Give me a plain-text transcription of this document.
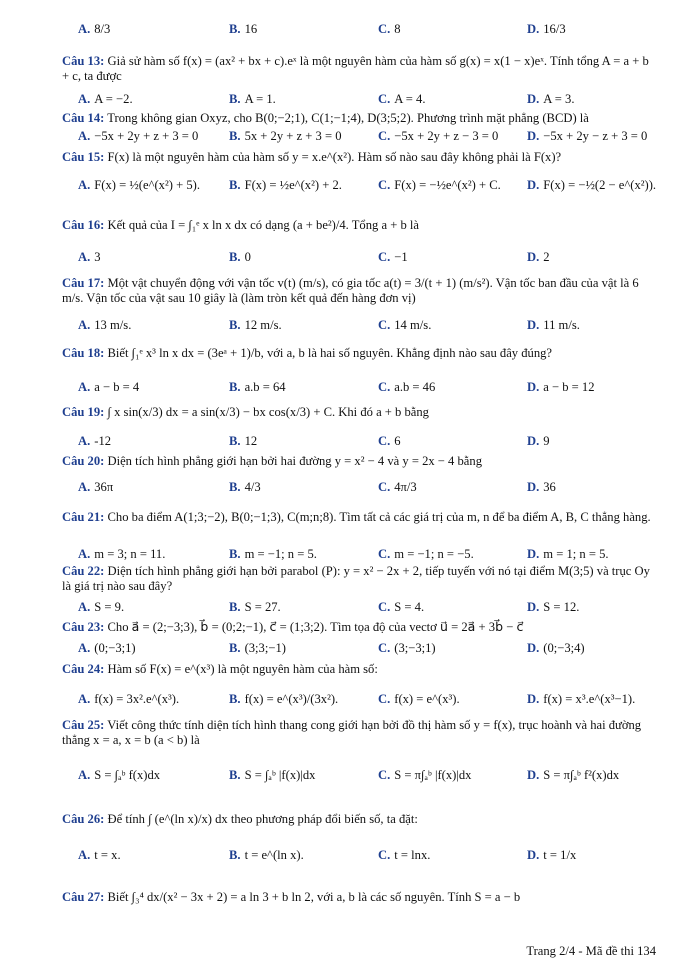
A. 8/3	B. 16	C. 8	D. 16/3
Câu 13: Giả sử hàm số f(x) = (ax² + bx + c).eˣ là một nguyên hàm của hàm số g(x) = x(1 − x)eˣ. Tính tổng A = a + b + c, ta được
A. A = −2.	B. A = 1.	C. A = 4.	D. A = 3.
Câu 14: Trong không gian Oxyz, cho B(0;−2;1), C(1;−1;4), D(3;5;2). Phương trình mặt phẳng (BCD) là
A. −5x + 2y + z + 3 = 0 B. 5x + 2y + z + 3 = 0	C. −5x + 2y + z − 3 = 0 D. −5x + 2y − z + 3 = 0
Câu 15: F(x) là một nguyên hàm của hàm số y = x.e^(x²). Hàm số nào sau đây không phải là F(x)?
A. F(x) = ½(e^(x²) + 5). B. F(x) = ½e^(x²) + 2.	C. F(x) = −½e^(x²) + C. D. F(x) = −½(2 − e^(x²)).
Câu 16: Kết quả của I = ∫₁ᵉ x ln x dx có dạng (a + be²)/4. Tổng a + b là
A. 3	B. 0	C. −1	D. 2
Câu 17: Một vật chuyển động với vận tốc v(t) (m/s), có gia tốc a(t) = 3/(t + 1) (m/s²). Vận tốc ban đầu của vật là 6 m/s. Vận tốc của vật sau 10 giây là (làm tròn kết quả đến hàng đơn vị)
A. 13 m/s.	B. 12 m/s.	C. 14 m/s.	D. 11 m/s.
Câu 18: Biết ∫₁ᵉ x³ ln x dx = (3eᵃ + 1)/b, với a, b là hai số nguyên. Khẳng định nào sau đây đúng?
A. a − b = 4	B. a.b = 64	C. a.b = 46	D. a − b = 12
Câu 19: ∫ x sin(x/3) dx = a sin(x/3) − bx cos(x/3) + C. Khi đó a + b bằng
A. -12	B. 12	C. 6	D. 9
Câu 20: Diện tích hình phẳng giới hạn bởi hai đường y = x² − 4 và y = 2x − 4 bằng
A. 36π	B. 4/3	C. 4π/3	D. 36
Câu 21: Cho ba điểm A(1;3;−2), B(0;−1;3), C(m;n;8). Tìm tất cả các giá trị của m, n để ba điểm A, B, C thẳng hàng.
A. m = 3; n = 11.	B. m = −1; n = 5.	C. m = −1; n = −5.	D. m = 1; n = 5.
Câu 22: Diện tích hình phẳng giới hạn bởi parabol (P): y = x² − 2x + 2, tiếp tuyến với nó tại điểm M(3;5) và trục Oy là giá trị nào sau đây?
A. S = 9.	B. S = 27.	C. S = 4.	D. S = 12.
Câu 23: Cho a⃗ = (2;−3;3), b⃗ = (0;2;−1), c⃗ = (1;3;2). Tìm tọa độ của vectơ u⃗ = 2a⃗ + 3b⃗ − c⃗
A. (0;−3;1)	B. (3;3;−1)	C. (3;−3;1)	D. (0;−3;4)
Câu 24: Hàm số F(x) = e^(x³) là một nguyên hàm của hàm số:
A. f(x) = 3x².e^(x³).	B. f(x) = e^(x³)/(3x²).	C. f(x) = e^(x³).	D. f(x) = x³.e^(x³−1).
Câu 25: Viết công thức tính diện tích hình thang cong giới hạn bởi đồ thị hàm số y = f(x), trục hoành và hai đường thẳng x = a, x = b (a < b) là
A. S = ∫ₐᵇ f(x)dx	B. S = ∫ₐᵇ |f(x)|dx	C. S = π∫ₐᵇ |f(x)|dx	D. S = π∫ₐᵇ f²(x)dx
Câu 26: Để tính ∫ (e^(ln x)/x) dx theo phương pháp đổi biến số, ta đặt:
A. t = x.	B. t = e^(ln x).	C. t = lnx.	D. t = 1/x
Câu 27: Biết ∫₃⁴ dx/(x² − 3x + 2) = a ln 3 + b ln 2, với a, b là các số nguyên. Tính S = a − b
Trang 2/4 - Mã đề thi 134
